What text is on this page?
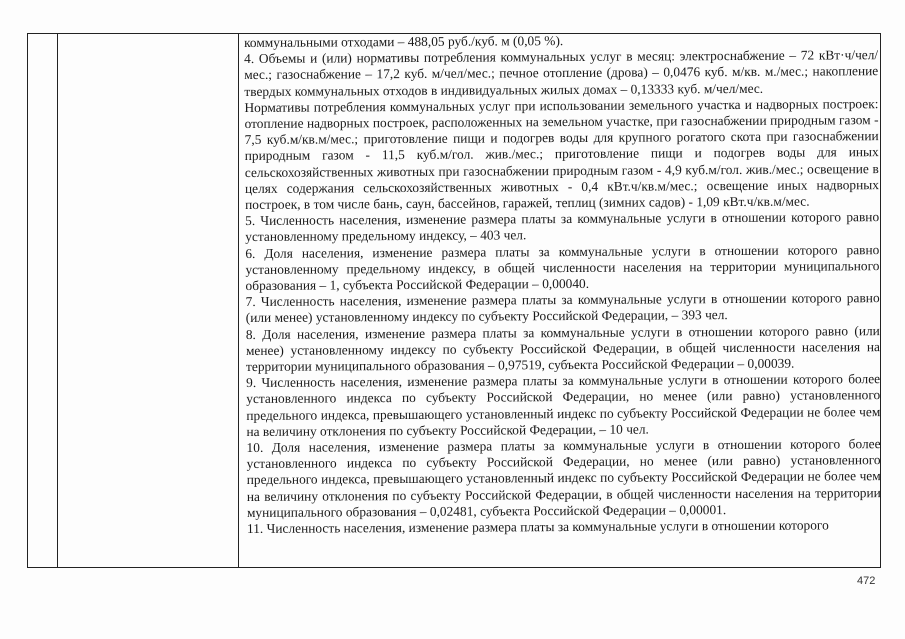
коммунальными отходами – 488,05 руб./куб. м (0,05 %).

4. Объемы и (или) нормативы потребления коммунальных услуг в месяц: электроснабжение – 72 кВт·ч/чел/мес.; газоснабжение – 17,2 куб. м/чел/мес.; печное отопление (дрова) – 0,0476 куб. м/кв. м./мес.; накопление твердых коммунальных отходов в индивидуальных жилых домах – 0,13333 куб. м/чел/мес.

Нормативы потребления коммунальных услуг при использовании земельного участка и надворных построек: отопление надворных построек, расположенных на земельном участке, при газоснабжении природным газом - 7,5 куб.м/кв.м/мес.; приготовление пищи и подогрев воды для крупного рогатого скота при газоснабжении природным газом - 11,5 куб.м/гол. жив./мес.; приготовление пищи и подогрев воды для иных сельскохозяйственных животных при газоснабжении природным газом - 4,9 куб.м/гол. жив./мес.; освещение в целях содержания сельскохозяйственных животных - 0,4 кВт.ч/кв.м/мес.; освещение иных надворных построек, в том числе бань, саун, бассейнов, гаражей, теплиц (зимних садов) - 1,09 кВт.ч/кв.м/мес.

5. Численность населения, изменение размера платы за коммунальные услуги в отношении которого равно установленному предельному индексу, – 403 чел.

6. Доля населения, изменение размера платы за коммунальные услуги в отношении которого равно установленному предельному индексу, в общей численности населения на территории муниципального образования – 1, субъекта Российской Федерации – 0,00040.

7. Численность населения, изменение размера платы за коммунальные услуги в отношении которого равно (или менее) установленному индексу по субъекту Российской Федерации, – 393 чел.

8. Доля населения, изменение размера платы за коммунальные услуги в отношении которого равно (или менее) установленному индексу по субъекту Российской Федерации, в общей численности населения на территории муниципального образования – 0,97519, субъекта Российской Федерации – 0,00039.

9. Численность населения, изменение размера платы за коммунальные услуги в отношении которого более установленного индекса по субъекту Российской Федерации, но менее (или равно) установленного предельного индекса, превышающего установленный индекс по субъекту Российской Федерации не более чем на величину отклонения по субъекту Российской Федерации, – 10 чел.

10. Доля населения, изменение размера платы за коммунальные услуги в отношении которого более установленного индекса по субъекту Российской Федерации, но менее (или равно) установленного предельного индекса, превышающего установленный индекс по субъекту Российской Федерации не более чем на величину отклонения по субъекту Российской Федерации, в общей численности населения на территории муниципального образования – 0,02481, субъекта Российской Федерации – 0,00001.

11. Численность населения, изменение размера платы за коммунальные услуги в отношении которого

472
